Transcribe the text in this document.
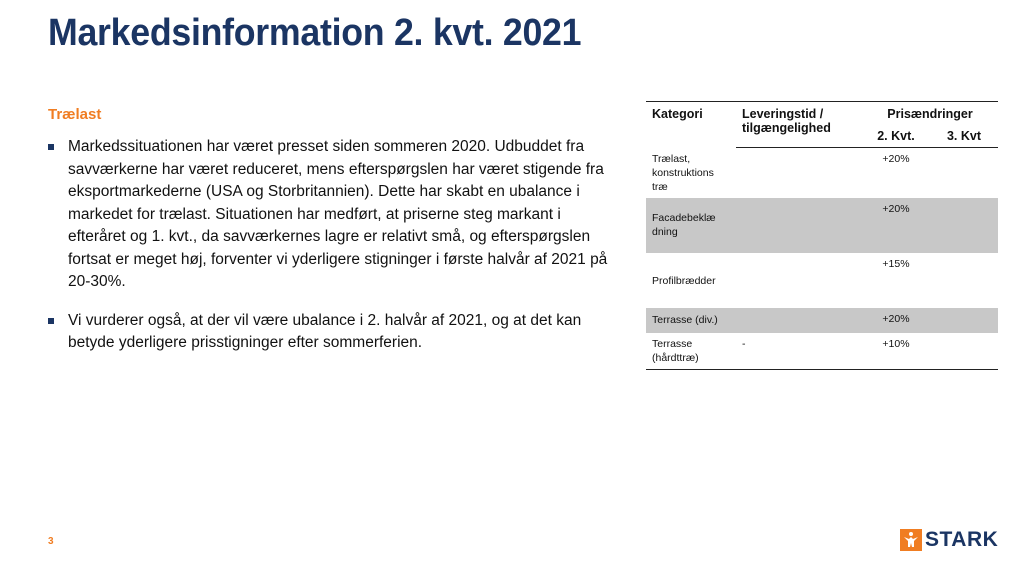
Markedsinformation 2. kvt. 2021
Trælast
Markedssituationen har været presset siden sommeren 2020. Udbuddet fra savværkerne har været reduceret, mens efterspørgslen har været stigende fra eksportmarkederne (USA og Storbritannien). Dette har skabt en ubalance i markedet for trælast. Situationen har medført, at priserne steg markant i efteråret og 1. kvt., da savværkernes lagre er relativt små, og efterspørgslen fortsat er meget høj, forventer vi yderligere stigninger i første halvår af 2021 på 20-30%.
Vi vurderer også, at der vil være ubalance i 2. halvår af 2021, og at det kan betyde yderligere prisstigninger efter sommerferien.
Kategori	Leveringstid / tilgængelighed	Prisændringer	
		2. Kvt.	3. Kvt
Trælast, konstruktions træ		+20%	
Facadebeklæ dning		+20%	
Profilbrædder		+15%	
Terrasse (div.)		+20%	
Terrasse (hårdttræ)	-	+10%	
3	STARK
